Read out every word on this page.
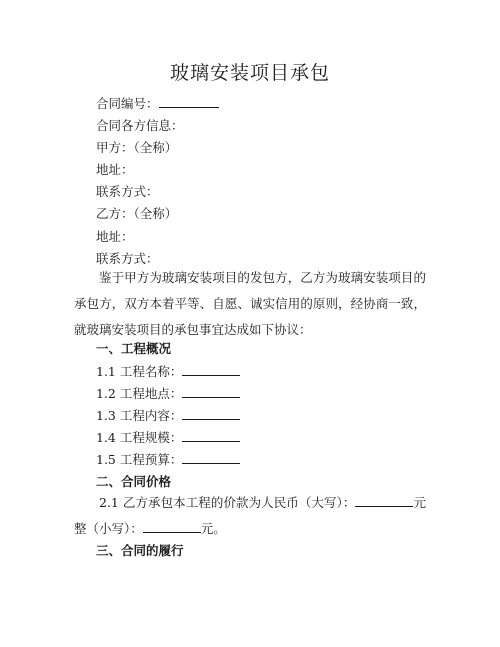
玻璃安装项目承包
合同编号：
合同各方信息：
甲方：（全称）
地址：
联系方式：
乙方：（全称）
地址：
联系方式：
鉴于甲方为玻璃安装项目的发包方，乙方为玻璃安装项目的承包方，双方本着平等、自愿、诚实信用的原则，经协商一致，就玻璃安装项目的承包事宜达成如下协议：
一、工程概况
1.1 工程名称：
1.2 工程地点：
1.3 工程内容：
1.4 工程规模：
1.5 工程预算：
二、合同价格
2.1 乙方承包本工程的价款为人民币（大写）：	元整（小写）：	元。
三、合同的履行
